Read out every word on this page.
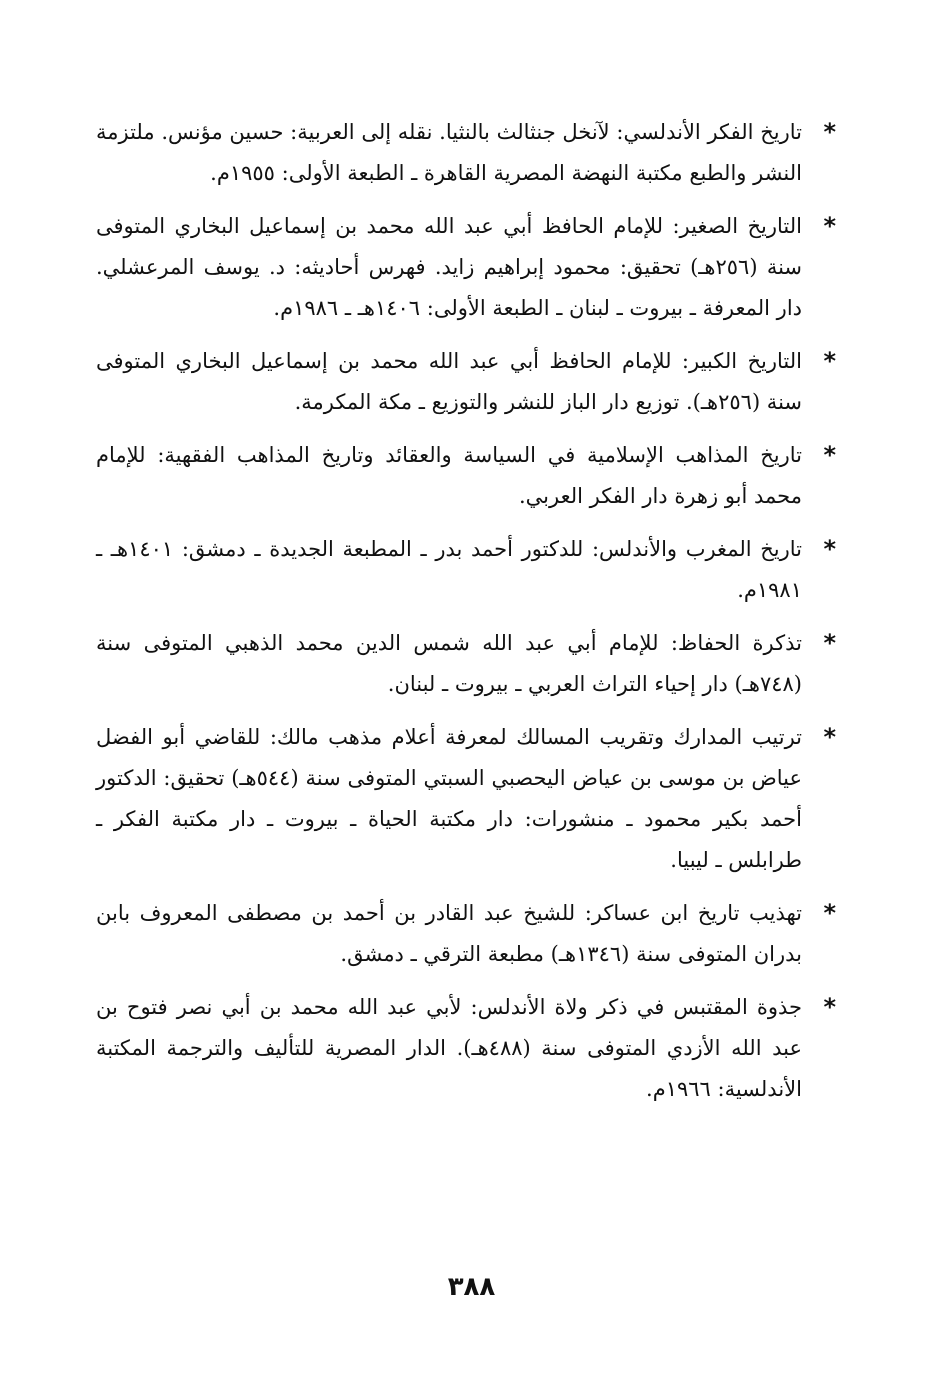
*
تاريخ الفكر الأندلسي: لآنخل جنثالث بالنثيا. نقله إلى العربية: حسين مؤنس. ملتزمة النشر والطبع مكتبة النهضة المصرية القاهرة ـ الطبعة الأولى: ١٩٥٥م.
*
التاريخ الصغير: للإمام الحافظ أبي عبد الله محمد بن إسماعيل البخاري المتوفى سنة (٢٥٦هـ) تحقيق: محمود إبراهيم زايد. فهرس أحاديثه: د. يوسف المرعشلي. دار المعرفة ـ بيروت ـ لبنان ـ الطبعة الأولى: ١٤٠٦هـ ـ ١٩٨٦م.
*
التاريخ الكبير: للإمام الحافظ أبي عبد الله محمد بن إسماعيل البخاري المتوفى سنة (٢٥٦هـ). توزيع دار الباز للنشر والتوزيع ـ مكة المكرمة.
*
تاريخ المذاهب الإسلامية في السياسة والعقائد وتاريخ المذاهب الفقهية: للإمام محمد أبو زهرة دار الفكر العربي.
*
تاريخ المغرب والأندلس: للدكتور أحمد بدر ـ المطبعة الجديدة ـ دمشق: ١٤٠١هـ ـ ١٩٨١م.
*
تذكرة الحفاظ: للإمام أبي عبد الله شمس الدين محمد الذهبي المتوفى سنة (٧٤٨هـ) دار إحياء التراث العربي ـ بيروت ـ لبنان.
*
ترتيب المدارك وتقريب المسالك لمعرفة أعلام مذهب مالك: للقاضي أبو الفضل عياض بن موسى بن عياض اليحصبي السبتي المتوفى سنة (٥٤٤هـ) تحقيق: الدكتور أحمد بكير محمود ـ منشورات: دار مكتبة الحياة ـ بيروت ـ دار مكتبة الفكر ـ طرابلس ـ ليبيا.
*
تهذيب تاريخ ابن عساكر: للشيخ عبد القادر بن أحمد بن مصطفى المعروف بابن بدران المتوفى سنة (١٣٤٦هـ) مطبعة الترقي ـ دمشق.
*
جذوة المقتبس في ذكر ولاة الأندلس: لأبي عبد الله محمد بن أبي نصر فتوح بن عبد الله الأزدي المتوفى سنة (٤٨٨هـ). الدار المصرية للتأليف والترجمة المكتبة الأندلسية: ١٩٦٦م.
٣٨٨
